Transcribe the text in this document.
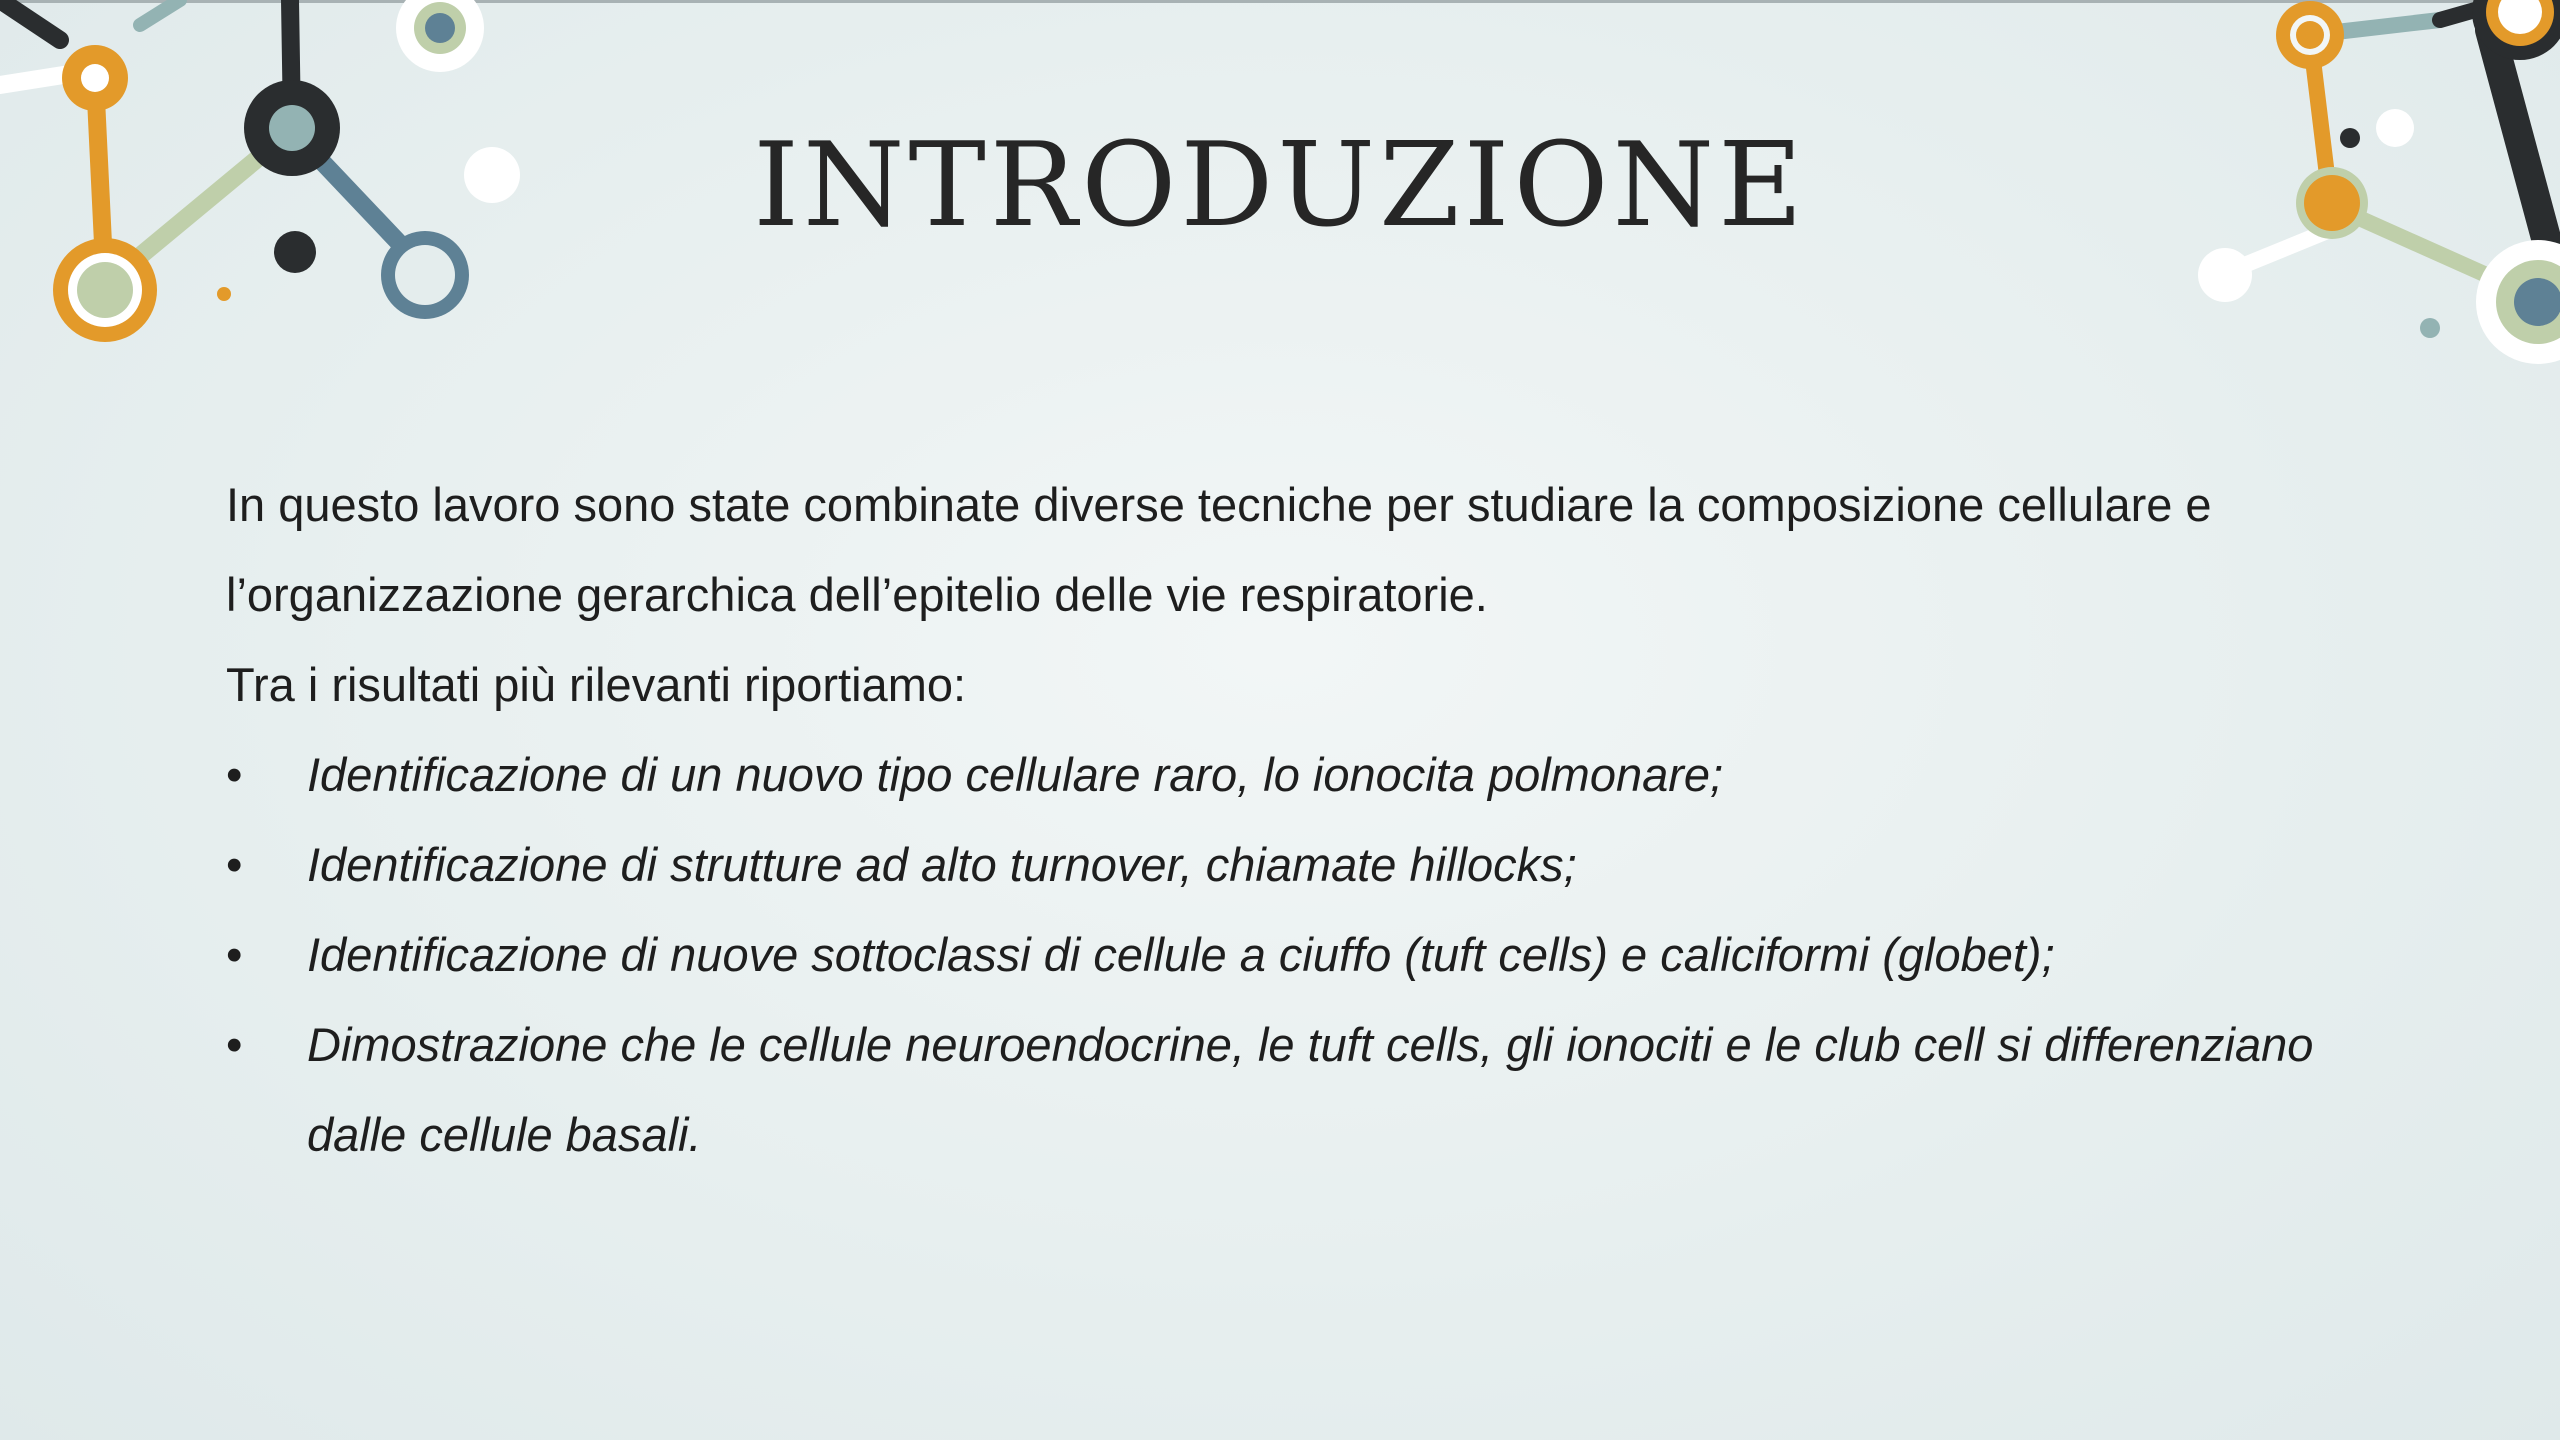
INTRODUZIONE

In questo lavoro sono state combinate diverse tecniche per studiare la composizione cellulare e
l’organizzazione gerarchica dell’epitelio delle vie respiratorie.

Tra i risultati più rilevanti riportiamo:

• Identificazione di un nuovo tipo cellulare raro, lo ionocita polmonare;
• Identificazione di strutture ad alto turnover, chiamate hillocks;
• Identificazione di nuove sottoclassi di cellule a ciuffo (tuft cells) e caliciformi (globet);
• Dimostrazione che le cellule neuroendocrine, le tuft cells, gli ionociti e le club cell si differenziano dalle cellule basali.
